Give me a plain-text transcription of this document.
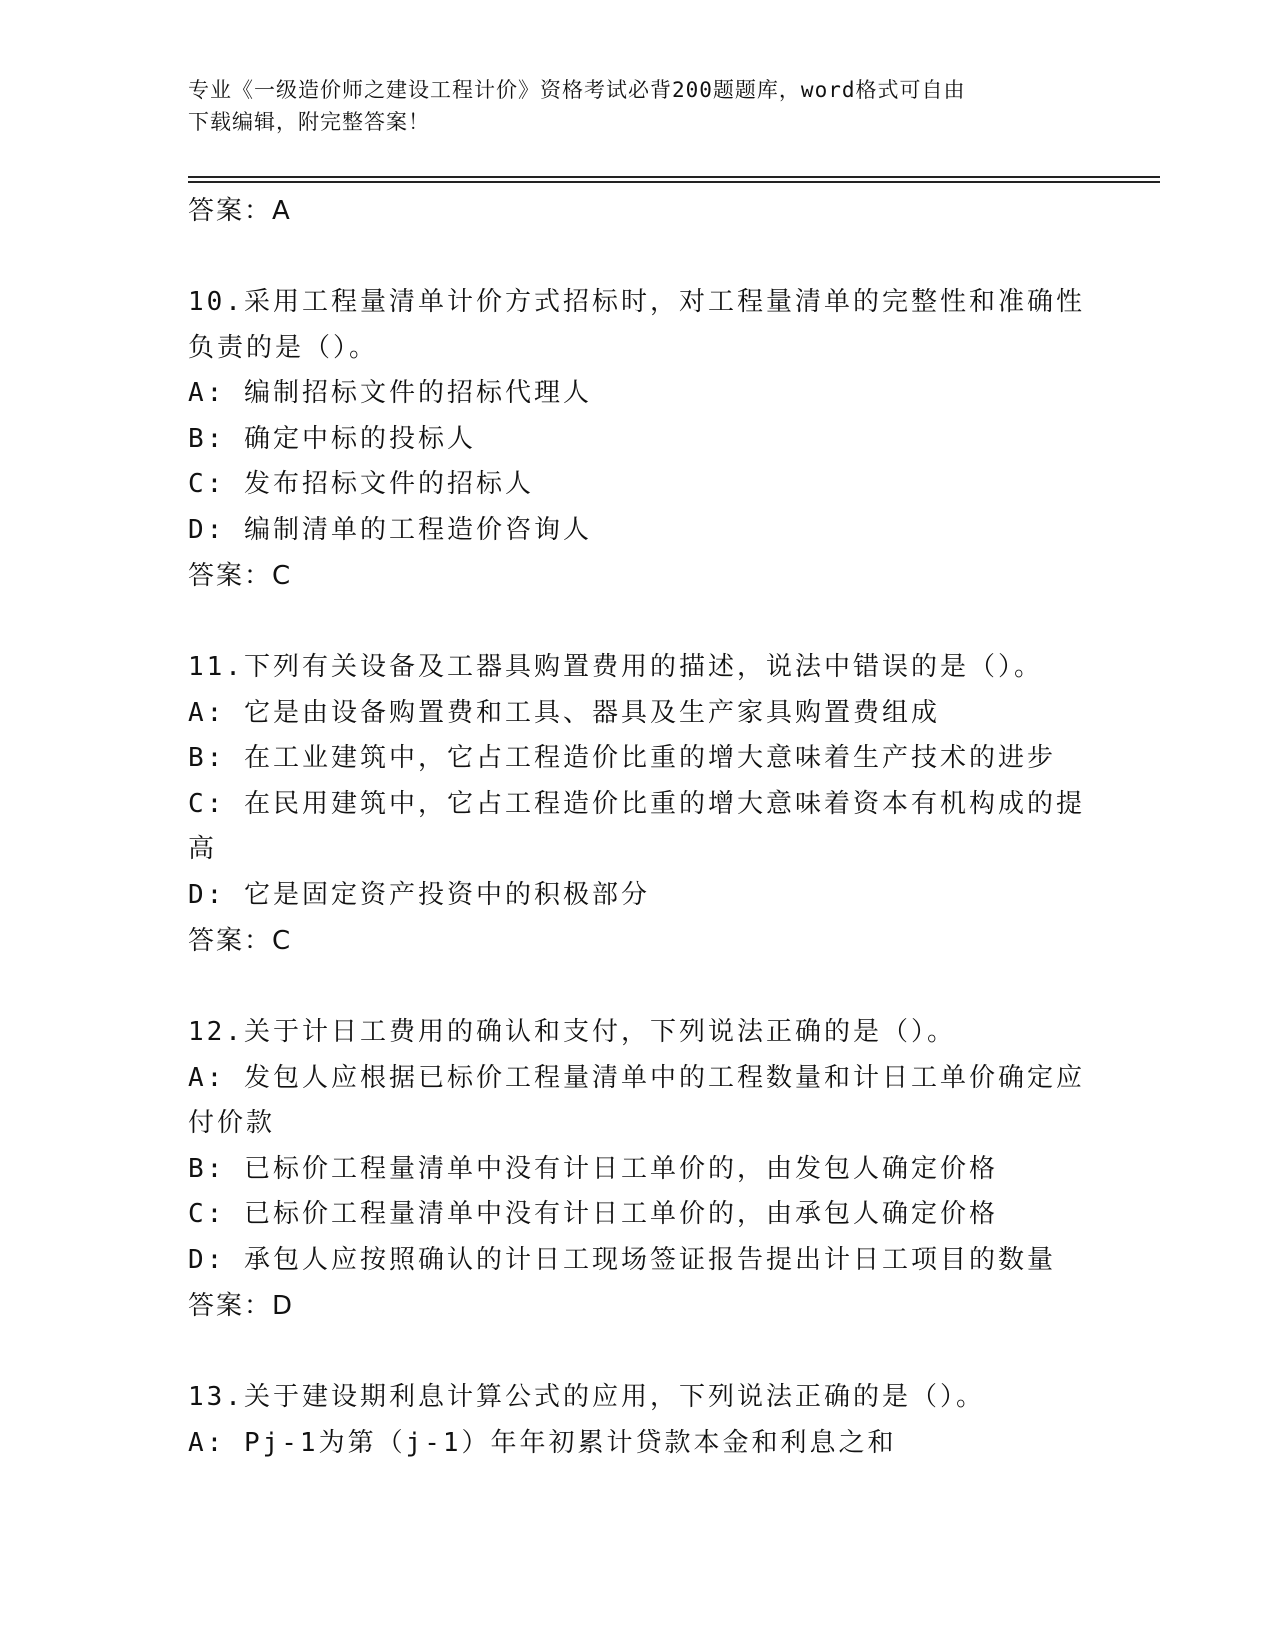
专业《一级造价师之建设工程计价》资格考试必背200题题库，word格式可自由
下载编辑，附完整答案！
答案：A
10.采用工程量清单计价方式招标时，对工程量清单的完整性和准确性
负责的是（）。
A: 编制招标文件的招标代理人
B: 确定中标的投标人
C: 发布招标文件的招标人
D: 编制清单的工程造价咨询人
答案：C
11.下列有关设备及工器具购置费用的描述，说法中错误的是（）。
A: 它是由设备购置费和工具、器具及生产家具购置费组成
B: 在工业建筑中，它占工程造价比重的增大意味着生产技术的进步
C: 在民用建筑中，它占工程造价比重的增大意味着资本有机构成的提
高
D: 它是固定资产投资中的积极部分
答案：C
12.关于计日工费用的确认和支付，下列说法正确的是（）。
A: 发包人应根据已标价工程量清单中的工程数量和计日工单价确定应
付价款
B: 已标价工程量清单中没有计日工单价的，由发包人确定价格
C: 已标价工程量清单中没有计日工单价的，由承包人确定价格
D: 承包人应按照确认的计日工现场签证报告提出计日工项目的数量
答案：D
13.关于建设期利息计算公式的应用，下列说法正确的是（）。
A: Pj-1为第（j-1）年年初累计贷款本金和利息之和
